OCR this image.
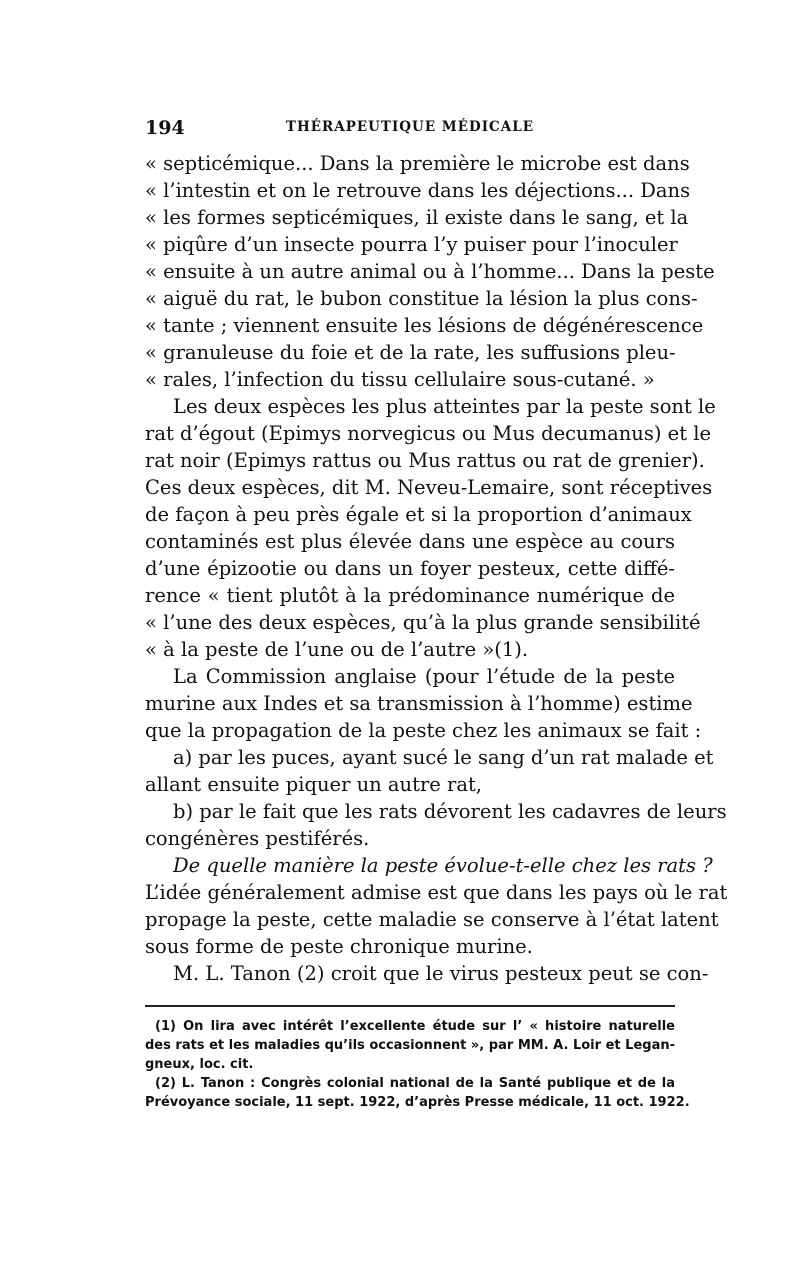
194	THÉRAPEUTIQUE MÉDICALE
« septicémique... Dans la première le microbe est dans
« l’intestin et on le retrouve dans les déjections... Dans
« les formes septicémiques, il existe dans le sang, et la
« piqûre d’un insecte pourra l’y puiser pour l’inoculer
« ensuite à un autre animal ou à l’homme... Dans la peste
« aiguë du rat, le bubon constitue la lésion la plus cons-
« tante ; viennent ensuite les lésions de dégénérescence
« granuleuse du foie et de la rate, les suffusions pleu-
« rales, l’infection du tissu cellulaire sous-cutané. »
Les deux espèces les plus atteintes par la peste sont le
rat d’égout (Epimys norvegicus ou Mus decumanus) et le
rat noir (Epimys rattus ou Mus rattus ou rat de grenier).
Ces deux espèces, dit M. Neveu-Lemaire, sont réceptives
de façon à peu près égale et si la proportion d’animaux
contaminés est plus élevée dans une espèce au cours
d’une épizootie ou dans un foyer pesteux, cette diffé-
rence « tient plutôt à la prédominance numérique de
« l’une des deux espèces, qu’à la plus grande sensibilité
« à la peste de l’une ou de l’autre »(1).
La Commission anglaise (pour l’étude de la peste
murine aux Indes et sa transmission à l’homme) estime
que la propagation de la peste chez les animaux se fait :
a) par les puces, ayant sucé le sang d’un rat malade et
allant ensuite piquer un autre rat,
b) par le fait que les rats dévorent les cadavres de leurs
congénères pestiférés.
De quelle manière la peste évolue-t-elle chez les rats ?
L’idée généralement admise est que dans les pays où le rat
propage la peste, cette maladie se conserve à l’état latent
sous forme de peste chronique murine.
M. L. Tanon (2) croit que le virus pesteux peut se con-
(1) On lira avec intérêt l’excellente étude sur l’ « histoire naturelle
des rats et les maladies qu’ils occasionnent », par MM. A. Loir et Legan-
gneux, loc. cit.
(2) L. Tanon : Congrès colonial national de la Santé publique et de la
Prévoyance sociale, 11 sept. 1922, d’après Presse médicale, 11 oct. 1922.
